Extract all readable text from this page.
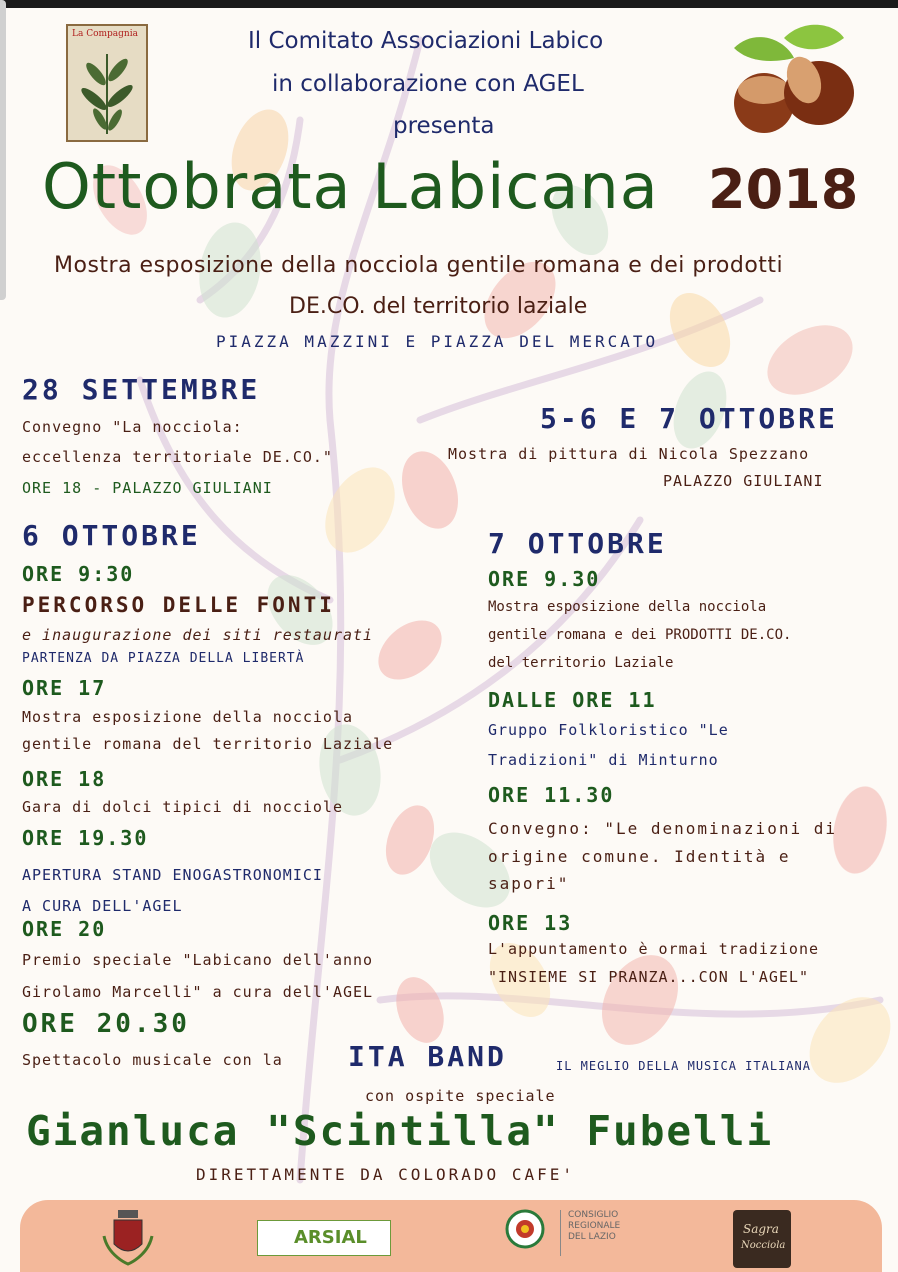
La Compagnia	Il Comitato Associazioni Labico
in collaborazione con AGEL
presenta
Ottobrata Labicana 2018
Mostra esposizione della nocciola gentile romana e dei prodotti
DE.CO. del territorio laziale
PIAZZA MAZZINI E PIAZZA DEL MERCATO
28 SETTEMBRE
Convegno "La nocciola:
eccellenza territoriale DE.CO."
ORE 18 - PALAZZO GIULIANI
5-6 E 7 OTTOBRE
Mostra di pittura di Nicola Spezzano
PALAZZO GIULIANI
6 OTTOBRE
ORE 9:30
PERCORSO DELLE FONTI
e inaugurazione dei siti restaurati
PARTENZA DA PIAZZA DELLA LIBERTÀ
ORE 17
Mostra esposizione della nocciola
gentile romana del territorio Laziale
ORE 18
Gara di dolci tipici di nocciole
ORE 19.30
APERTURA STAND ENOGASTRONOMICI
A CURA DELL'AGEL
ORE 20
Premio speciale "Labicano dell'anno
Girolamo Marcelli" a cura dell'AGEL
ORE 20.30
7 OTTOBRE
ORE 9.30
Mostra esposizione della nocciola
gentile romana e dei PRODOTTI DE.CO.
del territorio Laziale
DALLE ORE 11
Gruppo Folkloristico "Le
Tradizioni" di Minturno
ORE 11.30
Convegno: "Le denominazioni di
origine comune. Identità e
sapori"
ORE 13
L'appuntamento è ormai tradizione
"INSIEME SI PRANZA...CON L'AGEL"
Spettacolo musicale con la ITA BAND	IL MEGLIO DELLA MUSICA ITALIANA
con ospite speciale
Gianluca "Scintilla" Fubelli
DIRETTAMENTE DA COLORADO CAFE'
ARSIAL
CONSIGLIO
REGIONALE
DEL LAZIO
Sagra
Nocciola
